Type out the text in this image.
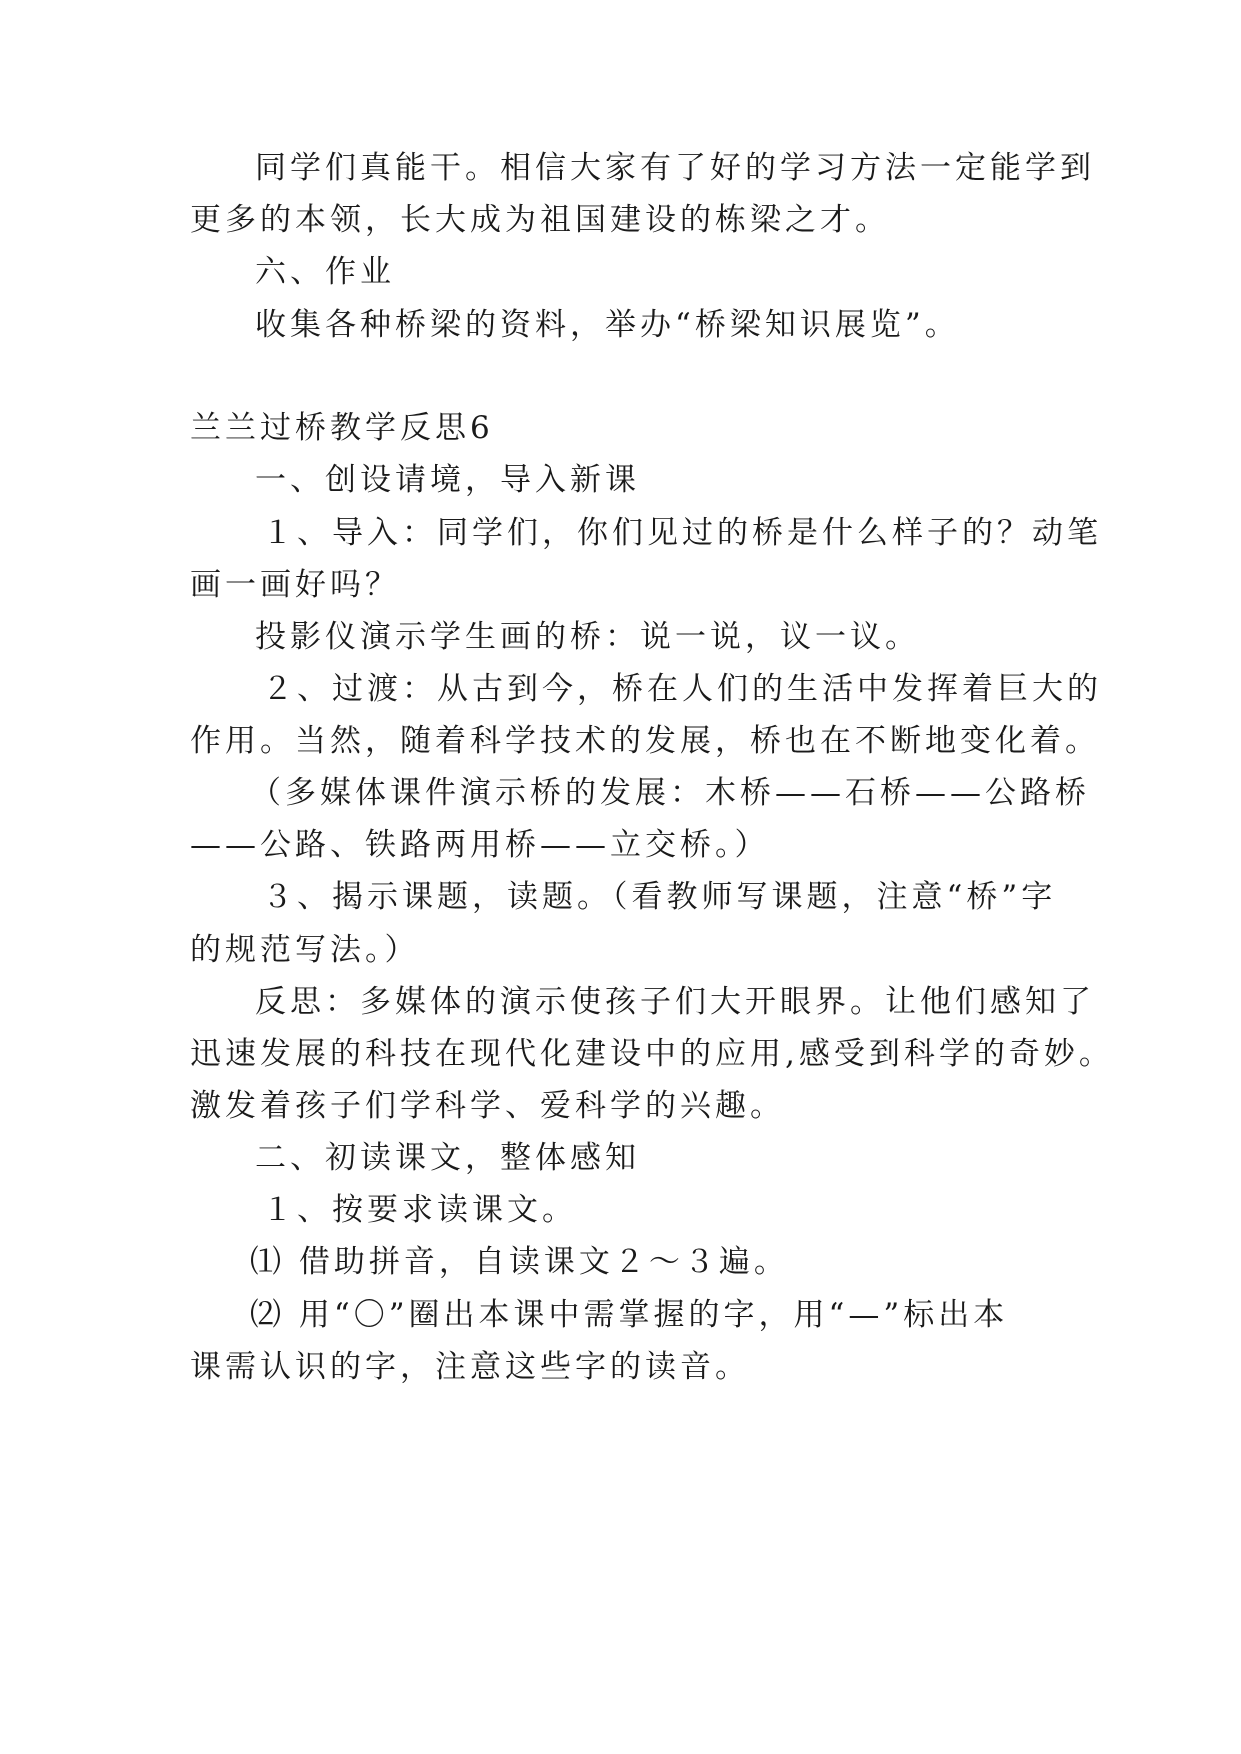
同学们真能干。相信大家有了好的学习方法一定能学到
更多的本领，长大成为祖国建设的栋梁之才。
六、作业
收集各种桥梁的资料，举办“桥梁知识展览”。
兰兰过桥教学反思6
一、创设请境，导入新课
１、导入：同学们，你们见过的桥是什么样子的？动笔
画一画好吗？
投影仪演示学生画的桥：说一说，议一议。
２、过渡：从古到今，桥在人们的生活中发挥着巨大的
作用。当然，随着科学技术的发展，桥也在不断地变化着。
（多媒体课件演示桥的发展：木桥——石桥——公路桥
——公路、铁路两用桥——立交桥。）
３、揭示课题，读题。（看教师写课题，注意“桥”字
的规范写法。）
反思：多媒体的演示使孩子们大开眼界。让他们感知了
迅速发展的科技在现代化建设中的应用,感受到科学的奇妙。
激发着孩子们学科学、爱科学的兴趣。
二、初读课文，整体感知
１、按要求读课文。
⑴ 借助拼音，自读课文２～３遍。
⑵ 用“〇”圈出本课中需掌握的字，用“—”标出本
课需认识的字，注意这些字的读音。
